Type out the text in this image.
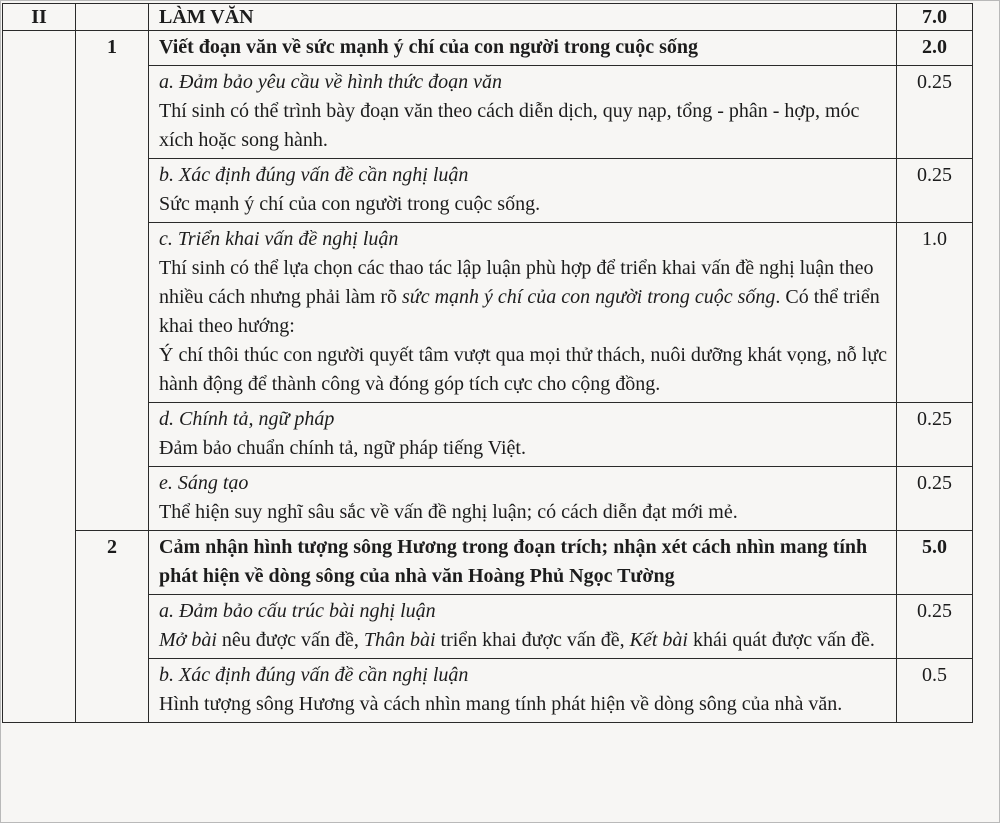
II		LÀM VĂN	7.0
	1	Viết đoạn văn về sức mạnh ý chí của con người trong cuộc sống	2.0

		a. Đảm bảo yêu cầu về hình thức đoạn văn
Thí sinh có thể trình bày đoạn văn theo cách diễn dịch, quy nạp, tổng - phân - hợp, móc xích hoặc song hành.	0.25

		b. Xác định đúng vấn đề cần nghị luận
Sức mạnh ý chí của con người trong cuộc sống.	0.25

		c. Triển khai vấn đề nghị luận
Thí sinh có thể lựa chọn các thao tác lập luận phù hợp để triển khai vấn đề nghị luận theo nhiều cách nhưng phải làm rõ sức mạnh ý chí của con người trong cuộc sống. Có thể triển khai theo hướng:
Ý chí thôi thúc con người quyết tâm vượt qua mọi thử thách, nuôi dưỡng khát vọng, nỗ lực hành động để thành công và đóng góp tích cực cho cộng đồng.	1.0

		d. Chính tả, ngữ pháp
Đảm bảo chuẩn chính tả, ngữ pháp tiếng Việt.	0.25

		e. Sáng tạo
Thể hiện suy nghĩ sâu sắc về vấn đề nghị luận; có cách diễn đạt mới mẻ.	0.25
	2	Cảm nhận hình tượng sông Hương trong đoạn trích; nhận xét cách nhìn mang tính phát hiện về dòng sông của nhà văn Hoàng Phủ Ngọc Tường	5.0

		a. Đảm bảo cấu trúc bài nghị luận
Mở bài nêu được vấn đề, Thân bài triển khai được vấn đề, Kết bài khái quát được vấn đề.	0.25

		b. Xác định đúng vấn đề cần nghị luận
Hình tượng sông Hương và cách nhìn mang tính phát hiện về dòng sông của nhà văn.	0.5
